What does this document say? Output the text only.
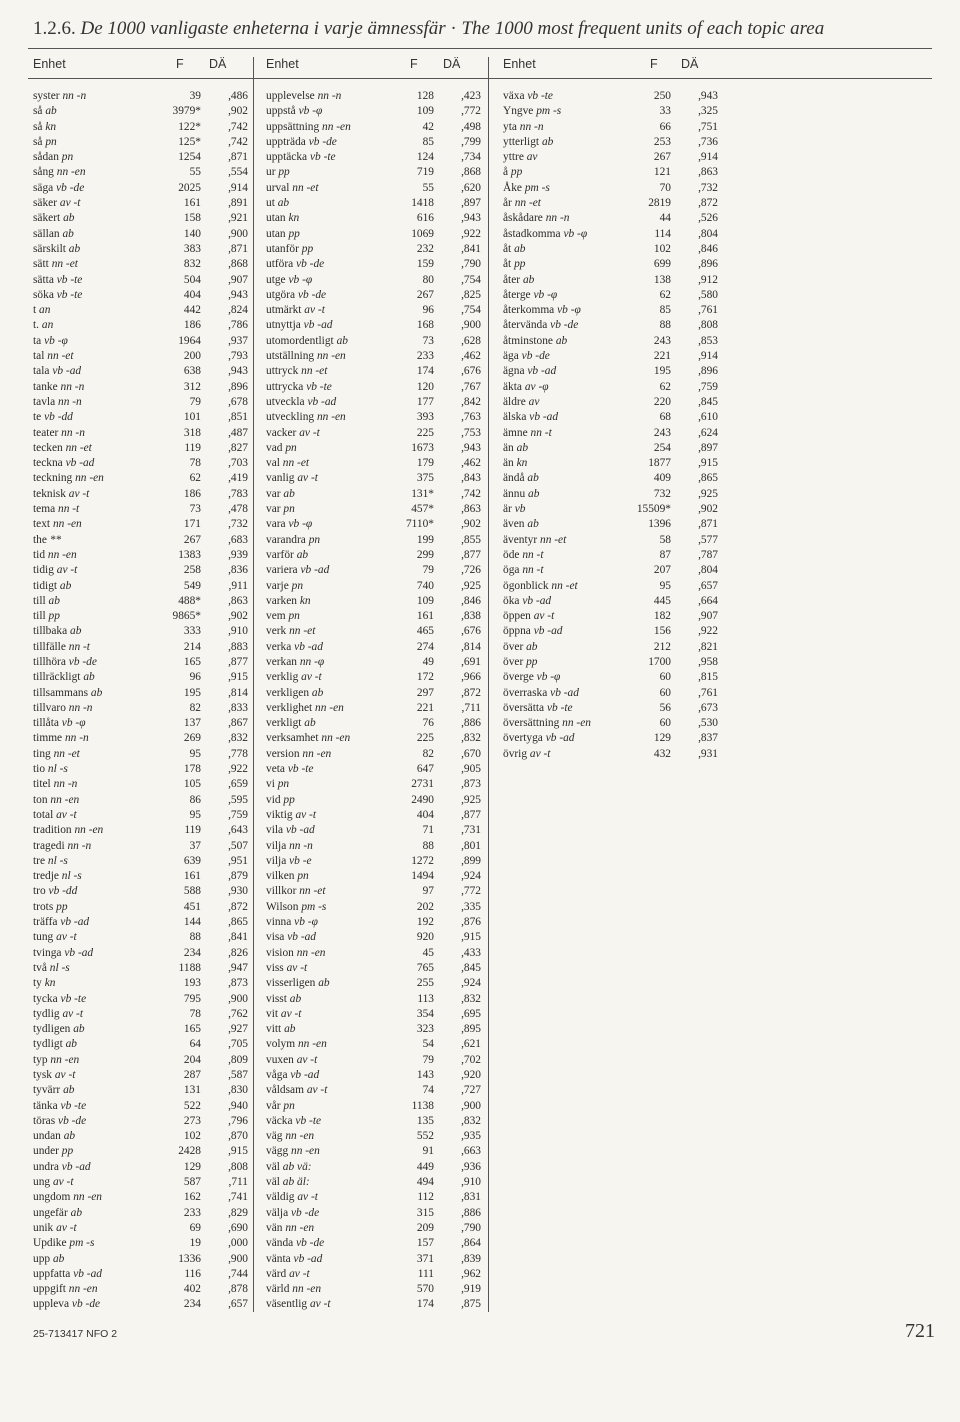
1.2.6. De 1000 vanligaste enheterna i varje ämnessfär · The 1000 most frequent units of each topic area
Enhet	F DÄ	Enhet	F DÄ	Enhet	F DÄ
syster nn -n	39	,486
så ab	3979*	,902
så kn	122*	,742
så pn	125*	,742
sådan pn	1254	,871
sång nn -en	55	,554
säga vb -de	2025	,914
säker av -t	161	,891
säkert ab	158	,921
sällan ab	140	,900
särskilt ab	383	,871
sätt nn -et	832	,868
sätta vb -te	504	,907
söka vb -te	404	,943
t an	442	,824
t. an	186	,786
ta vb -φ	1964	,937
tal nn -et	200	,793
tala vb -ad	638	,943
tanke nn -n	312	,896
tavla nn -n	79	,678
te vb -dd	101	,851
teater nn -n	318	,487
tecken nn -et	119	,827
teckna vb -ad	78	,703
teckning nn -en	62	,419
teknisk av -t	186	,783
tema nn -t	73	,478
text nn -en	171	,732
the **	267	,683
tid nn -en	1383	,939
tidig av -t	258	,836
tidigt ab	549	,911
till ab	488*	,863
till pp	9865*	,902
tillbaka ab	333	,910
tillfälle nn -t	214	,883
tillhöra vb -de	165	,877
tillräckligt ab	96	,915
tillsammans ab	195	,814
tillvaro nn -n	82	,833
tillåta vb -φ	137	,867
timme nn -n	269	,832
ting nn -et	95	,778
tio nl -s	178	,922
titel nn -n	105	,659
ton nn -en	86	,595
total av -t	95	,759
tradition nn -en	119	,643
tragedi nn -n	37	,507
tre nl -s	639	,951
tredje nl -s	161	,879
tro vb -dd	588	,930
trots pp	451	,872
träffa vb -ad	144	,865
tung av -t	88	,841
tvinga vb -ad	234	,826
två nl -s	1188	,947
ty kn	193	,873
tycka vb -te	795	,900
tydlig av -t	78	,762
tydligen ab	165	,927
tydligt ab	64	,705
typ nn -en	204	,809
tysk av -t	287	,587
tyvärr ab	131	,830
tänka vb -te	522	,940
töras vb -de	273	,796
undan ab	102	,870
under pp	2428	,915
undra vb -ad	129	,808
ung av -t	587	,711
ungdom nn -en	162	,741
ungefär ab	233	,829
unik av -t	69	,690
Updike pm -s	19	,000
upp ab	1336	,900
uppfatta vb -ad	116	,744
uppgift nn -en	402	,878
uppleva vb -de	234	,657
upplevelse nn -n	128	,423
uppstå vb -φ	109	,772
uppsättning nn -en	42	,498
uppträda vb -de	85	,799
upptäcka vb -te	124	,734
ur pp	719	,868
urval nn -et	55	,620
ut ab	1418	,897
utan kn	616	,943
utan pp	1069	,922
utanför pp	232	,841
utföra vb -de	159	,790
utge vb -φ	80	,754
utgöra vb -de	267	,825
utmärkt av -t	96	,754
utnyttja vb -ad	168	,900
utomordentligt ab	73	,628
utställning nn -en	233	,462
uttryck nn -et	174	,676
uttrycka vb -te	120	,767
utveckla vb -ad	177	,842
utveckling nn -en	393	,763
vacker av -t	225	,753
vad pn	1673	,943
val nn -et	179	,462
vanlig av -t	375	,843
var ab	131*	,742
var pn	457*	,863
vara vb -φ	7110*	,902
varandra pn	199	,855
varför ab	299	,877
variera vb -ad	79	,726
varje pn	740	,925
varken kn	109	,846
vem pn	161	,838
verk nn -et	465	,676
verka vb -ad	274	,814
verkan nn -φ	49	,691
verklig av -t	172	,966
verkligen ab	297	,872
verklighet nn -en	221	,711
verkligt ab	76	,886
verksamhet nn -en	225	,832
version nn -en	82	,670
veta vb -te	647	,905
vi pn	2731	,873
vid pp	2490	,925
viktig av -t	404	,877
vila vb -ad	71	,731
vilja nn -n	88	,801
vilja vb -e	1272	,899
vilken pn	1494	,924
villkor nn -et	97	,772
Wilson pm -s	202	,335
vinna vb -φ	192	,876
visa vb -ad	920	,915
vision nn -en	45	,433
viss av -t	765	,845
visserligen ab	255	,924
visst ab	113	,832
vit av -t	354	,695
vitt ab	323	,895
volym nn -en	54	,621
vuxen av -t	79	,702
våga vb -ad	143	,920
våldsam av -t	74	,727
vår pn	1138	,900
väcka vb -te	135	,832
väg nn -en	552	,935
vägg nn -en	91	,663
väl ab vä:	449	,936
väl ab äl:	494	,910
väldig av -t	112	,831
välja vb -de	315	,886
vän nn -en	209	,790
vända vb -de	157	,864
vänta vb -ad	371	,839
värd av -t	111	,962
värld nn -en	570	,919
väsentlig av -t	174	,875
växa vb -te	250	,943
Yngve pm -s	33	,325
yta nn -n	66	,751
ytterligt ab	253	,736
yttre av	267	,914
å pp	121	,863
Åke pm -s	70	,732
år nn -et	2819	,872
åskådare nn -n	44	,526
åstadkomma vb -φ	114	,804
åt ab	102	,846
åt pp	699	,896
åter ab	138	,912
återge vb -φ	62	,580
återkomma vb -φ	85	,761
återvända vb -de	88	,808
åtminstone ab	243	,853
äga vb -de	221	,914
ägna vb -ad	195	,896
äkta av -φ	62	,759
äldre av	220	,845
älska vb -ad	68	,610
ämne nn -t	243	,624
än ab	254	,897
än kn	1877	,915
ändå ab	409	,865
ännu ab	732	,925
är vb	15509*	,902
även ab	1396	,871
äventyr nn -et	58	,577
öde nn -t	87	,787
öga nn -t	207	,804
ögonblick nn -et	95	,657
öka vb -ad	445	,664
öppen av -t	182	,907
öppna vb -ad	156	,922
över ab	212	,821
över pp	1700	,958
överge vb -φ	60	,815
överraska vb -ad	60	,761
översätta vb -te	56	,673
översättning nn -en	60	,530
övertyga vb -ad	129	,837
övrig av -t	432	,931
25-713417 NFO 2	721
